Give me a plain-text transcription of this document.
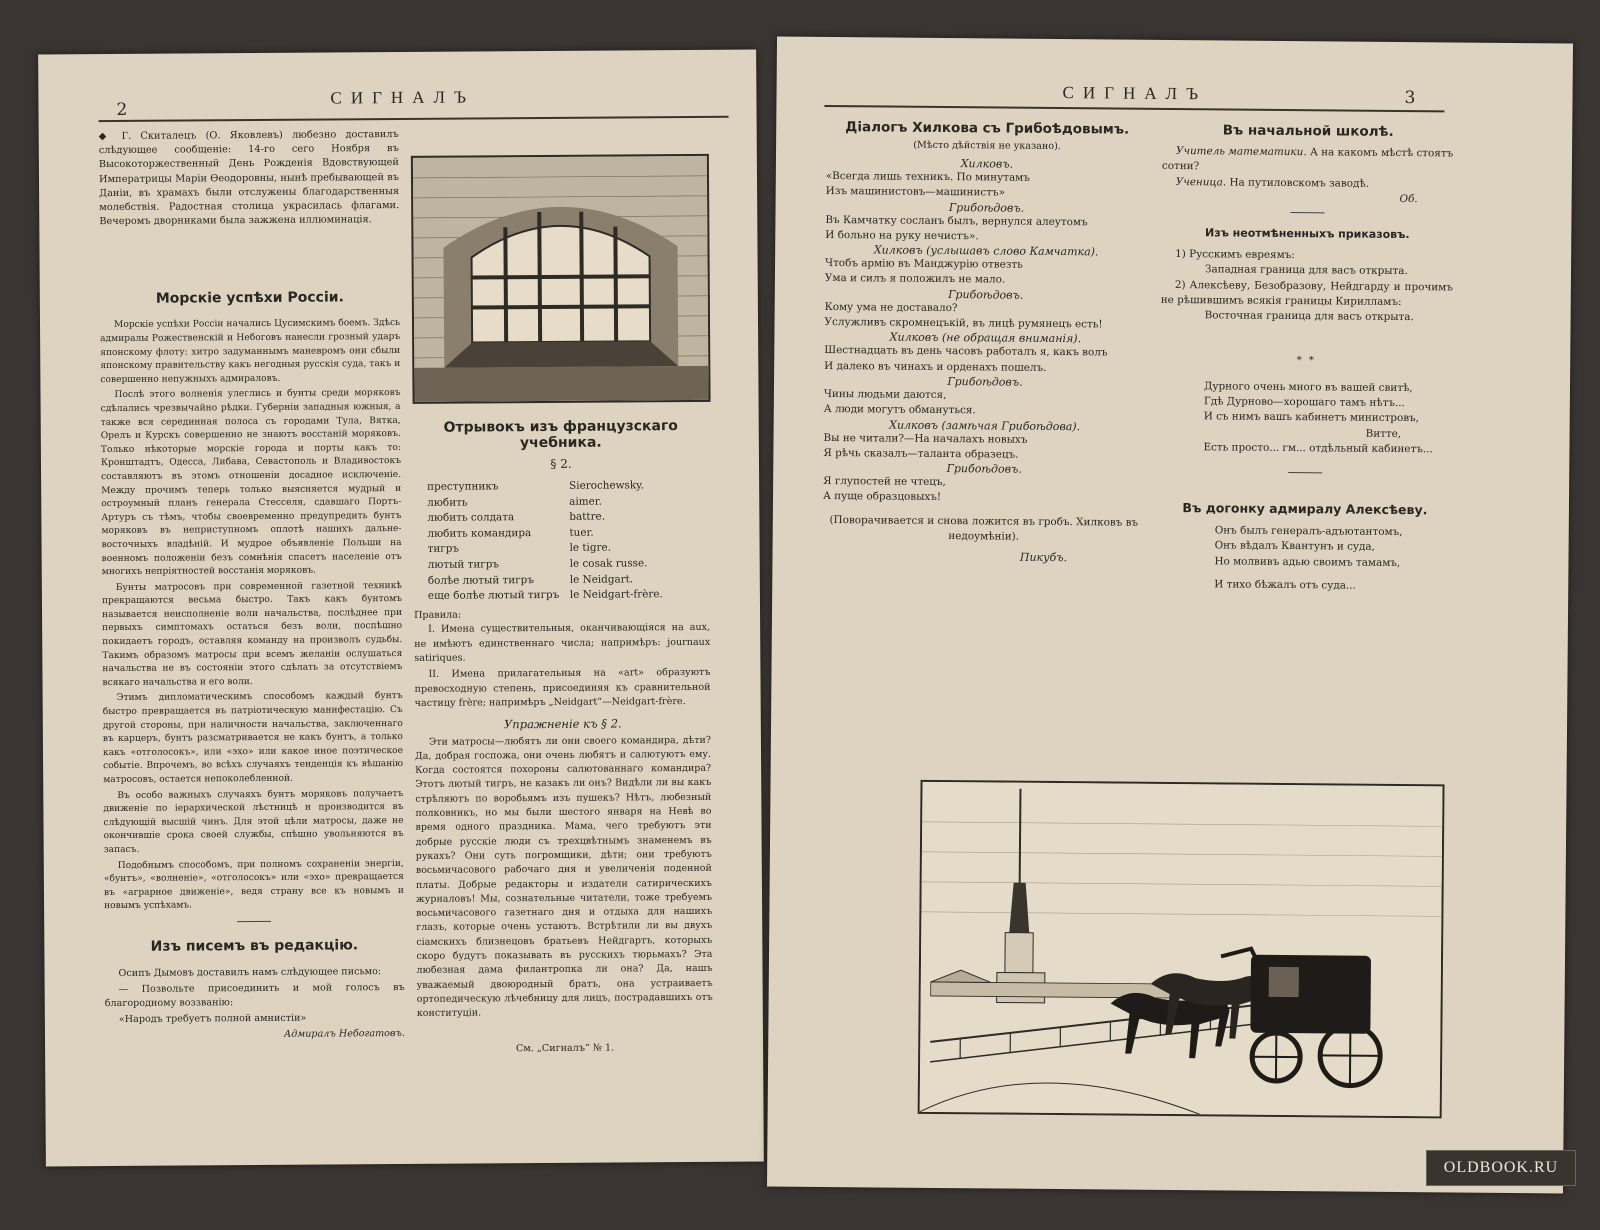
2
СИГНАЛЪ
◆ Г. Скиталецъ (О. Яковлевъ) любезно доставилъ слѣдующее сообщеніе: 14-го сего Ноября въ Высокоторжественный День Рожденія Вдовствующей Императрицы Маріи Ѳеодоровны, нынѣ пребывающей въ Даніи, въ храмахъ были отслужены благодарственныя молебствія. Радостная столица украсилась флагами. Вечеромъ дворниками была зажжена иллюминація.
Морскіе успѣхи Россіи.

Морскіе успѣхи Россіи начались Цусимскимъ боемъ. Здѣсь адмиралы Рожественскій и Небоговъ нанесли грозный ударъ японскому флоту: хитро задуманнымъ маневромъ они сбыли японскому правительству какъ негодныя русскія суда, такъ и совершенно непужныхъ адмираловъ.

Послѣ этого волненія улеглись и бунты среди моряковъ сдѣлались чрезвычайно рѣдки. Губерніи западныя южныя, а также вся серединная полоса съ городами Тула, Вятка, Орелъ и Курскъ совершенно не знаютъ восстаній моряковъ. Только нѣкоторые морскіе города и порты какъ то: Кронштадтъ, Одесса, Либава, Севастополь и Владивостокъ составляютъ въ этомъ отношеніи досадное исключеніе. Между прочимъ теперь только выясняется мудрый и остроумный планъ генерала Стесселя, сдавшаго Портъ-Артуръ съ тѣмъ, чтобы своевременно предупредить бунтъ моряковъ въ неприступномъ оплотѣ нашихъ дальне-восточныхъ владѣній. И мудрое объявленіе Польши на военномъ положеніи безъ сомнѣнія спасетъ населеніе отъ многихъ непріятностей восстанія моряковъ.

Бунты матросовъ при современной газетной техникѣ прекращаются весьма быстро. Такъ какъ бунтомъ называется неисполненіе воли начальства, послѣднее при первыхъ симптомахъ остаться безъ воли, поспѣшно покидаетъ городъ, оставляя команду на произволъ судьбы. Такимъ образомъ матросы при всемъ желаніи ослушаться начальства не въ состояніи этого сдѣлать за отсутствіемъ всякаго начальства и его воли.

Этимъ дипломатическимъ способомъ каждый бунтъ быстро превращается въ патріотическую манифестацію. Съ другой стороны, при наличности начальства, заключеннаго въ карцеръ, бунтъ разсматривается не какъ бунтъ, а только какъ «отголосокъ», или «эхо» или какое иное поэтическое событіе. Впрочемъ, во всѣхъ случаяхъ тенденція къ вѣшанію матросовъ, остается непоколебленной.

Въ особо важныхъ случаяхъ бунтъ моряковъ получаетъ движеніе по іерархической лѣстницѣ и производится въ слѣдующій высшій чинъ. Для этой цѣли матросы, даже не окончившіе срока своей службы, спѣшно увольняются въ запасъ.

Подобнымъ способомъ, при полномъ сохраненіи энергіи, «бунтъ», «волненіе», «отголосокъ» или «эхо» превращается въ «аграрное движеніе», ведя страну все къ новымъ и новымъ успѣхамъ.

Изъ писемъ въ редакцію.

Осипъ Дымовъ доставилъ намъ слѣдующее письмо:

— Позвольте присоединить и мой голосъ въ благородному воззванію:

«Народъ требуетъ полной амнистіи»

Адмиралъ Небогатовъ.
Отрывокъ изъ французскаго учебника.
§ 2.
преступникъ	Sierochewsky.
любить	aimer.
любить солдата	battre.
любить командира	tuer.
тигръ	le tigre.
лютый тигръ	le cosak russe.
болѣе лютый тигръ	le Neidgart.
еще болѣе лютый тигръ	le Neidgart-frère.
Правила:

I. Имена существительныя, оканчивающіяся на aux, не имѣютъ единственнаго числа; напримѣръ: journaux satiriques.

II. Имена прилагательныя на «art» образуютъ превосходную степень, присоединяя къ сравнительной частицу frère; напримѣръ „Neidgart“—Neidgart-frère.

Упражненіе къ § 2.

Эти матросы—любятъ ли они своего командира, дѣти? Да, добрая госпожа, они очень любятъ и салютуютъ ему. Когда состоятся похороны салютованнаго командира? Этотъ лютый тигръ, не казакъ ли онъ? Видѣли ли вы какъ стрѣляютъ по воробьямъ изъ пушекъ? Нѣтъ, любезный полковникъ, но мы были шестого января на Невѣ во время одного праздника. Мама, чего требуютъ эти добрые русскіе люди съ трехцвѣтнымъ знаменемъ въ рукахъ? Они суть погромщики, дѣти; они требуютъ восьмичасового рабочаго дня и увеличенія поденной платы. Добрые редакторы и издатели сатирическихъ журналовъ! Мы, сознательные читатели, тоже требуемъ восьмичасового газетнаго дня и отдыха для нашихъ глазъ, которые очень устаютъ. Встрѣтили ли вы двухъ сіамскихъ близнецовъ братьевъ Нейдгартъ, которыхъ скоро будутъ показывать въ русскихъ тюрьмахъ? Эта любезная дама филантропка ли она? Да, нашъ уважаемый двоюродный братъ, она устраиваетъ ортопедическую лѣчебницу для лицъ, пострадавшихъ отъ конституціи.

См. „Сигналъ“ № 1.
СИГНАЛЪ	3
Діалогъ Хилкова съ Грибоѣдовымъ.
(Мѣсто дѣйствія не указано).
Хилковъ.
«Всегда лишь техникъ. По минутамъ
Изъ машинистовъ—машинистъ»
Грибоѣдовъ.
Въ Камчатку сосланъ былъ, вернулся алеутомъ
И больно на руку нечистъ».
Хилковъ (услышавъ слово Камчатка).
Чтобъ армію въ Манджурію отвезть
Ума и силъ я положилъ не мало.
Грибоѣдовъ.
Кому ума не доставало?
Услужливъ скромнецъкій, въ лицѣ румянецъ есть!
Хилковъ (не обращая вниманія).
Шестнадцать въ день часовъ работалъ я, какъ волъ
И далеко въ чинахъ и орденахъ пошелъ.
Грибоѣдовъ.
Чины людьми даются,
А люди могутъ обмануться.
Хилковъ (замѣчая Грибоѣдова).
Вы не читали?—На началахъ новыхъ
Я рѣчь сказалъ—таланта образецъ.
Грибоѣдовъ.
Я глупостей не чтецъ,
А пуще образцовыхъ!
(Поворачивается и снова ложится въ гробъ. Хилковъ въ недоумѣніи).
Пикубъ.
Въ начальной школѣ.
Учитель математики. А на какомъ мѣстѣ стоятъ сотни?
Ученица. На путиловскомъ заводѣ.
Об.
Изъ неотмѣненныхъ приказовъ.
1) Русскимъ евреямъ:
Западная граница для васъ открыта.
2) Алексѣеву, Безобразову, Нейдгарду и прочимъ не рѣшившимъ всякія границы Кирилламъ:
Восточная граница для васъ открыта.
* *
Дурного очень много въ вашей свитѣ,
Гдѣ Дурново—хорошаго тамъ нѣтъ...
И съ нимъ вашъ кабинетъ министровъ,
Витте,
Есть просто... гм... отдѣльный кабинетъ...
Въ догонку адмиралу Алексѣеву.
Онъ былъ генералъ-адъютантомъ,
Онъ вѣдалъ Квантунъ и суда,
Но молвивъ адью своимъ тамамъ,
И тихо бѣжалъ отъ суда...
OLDBOOK.RU
